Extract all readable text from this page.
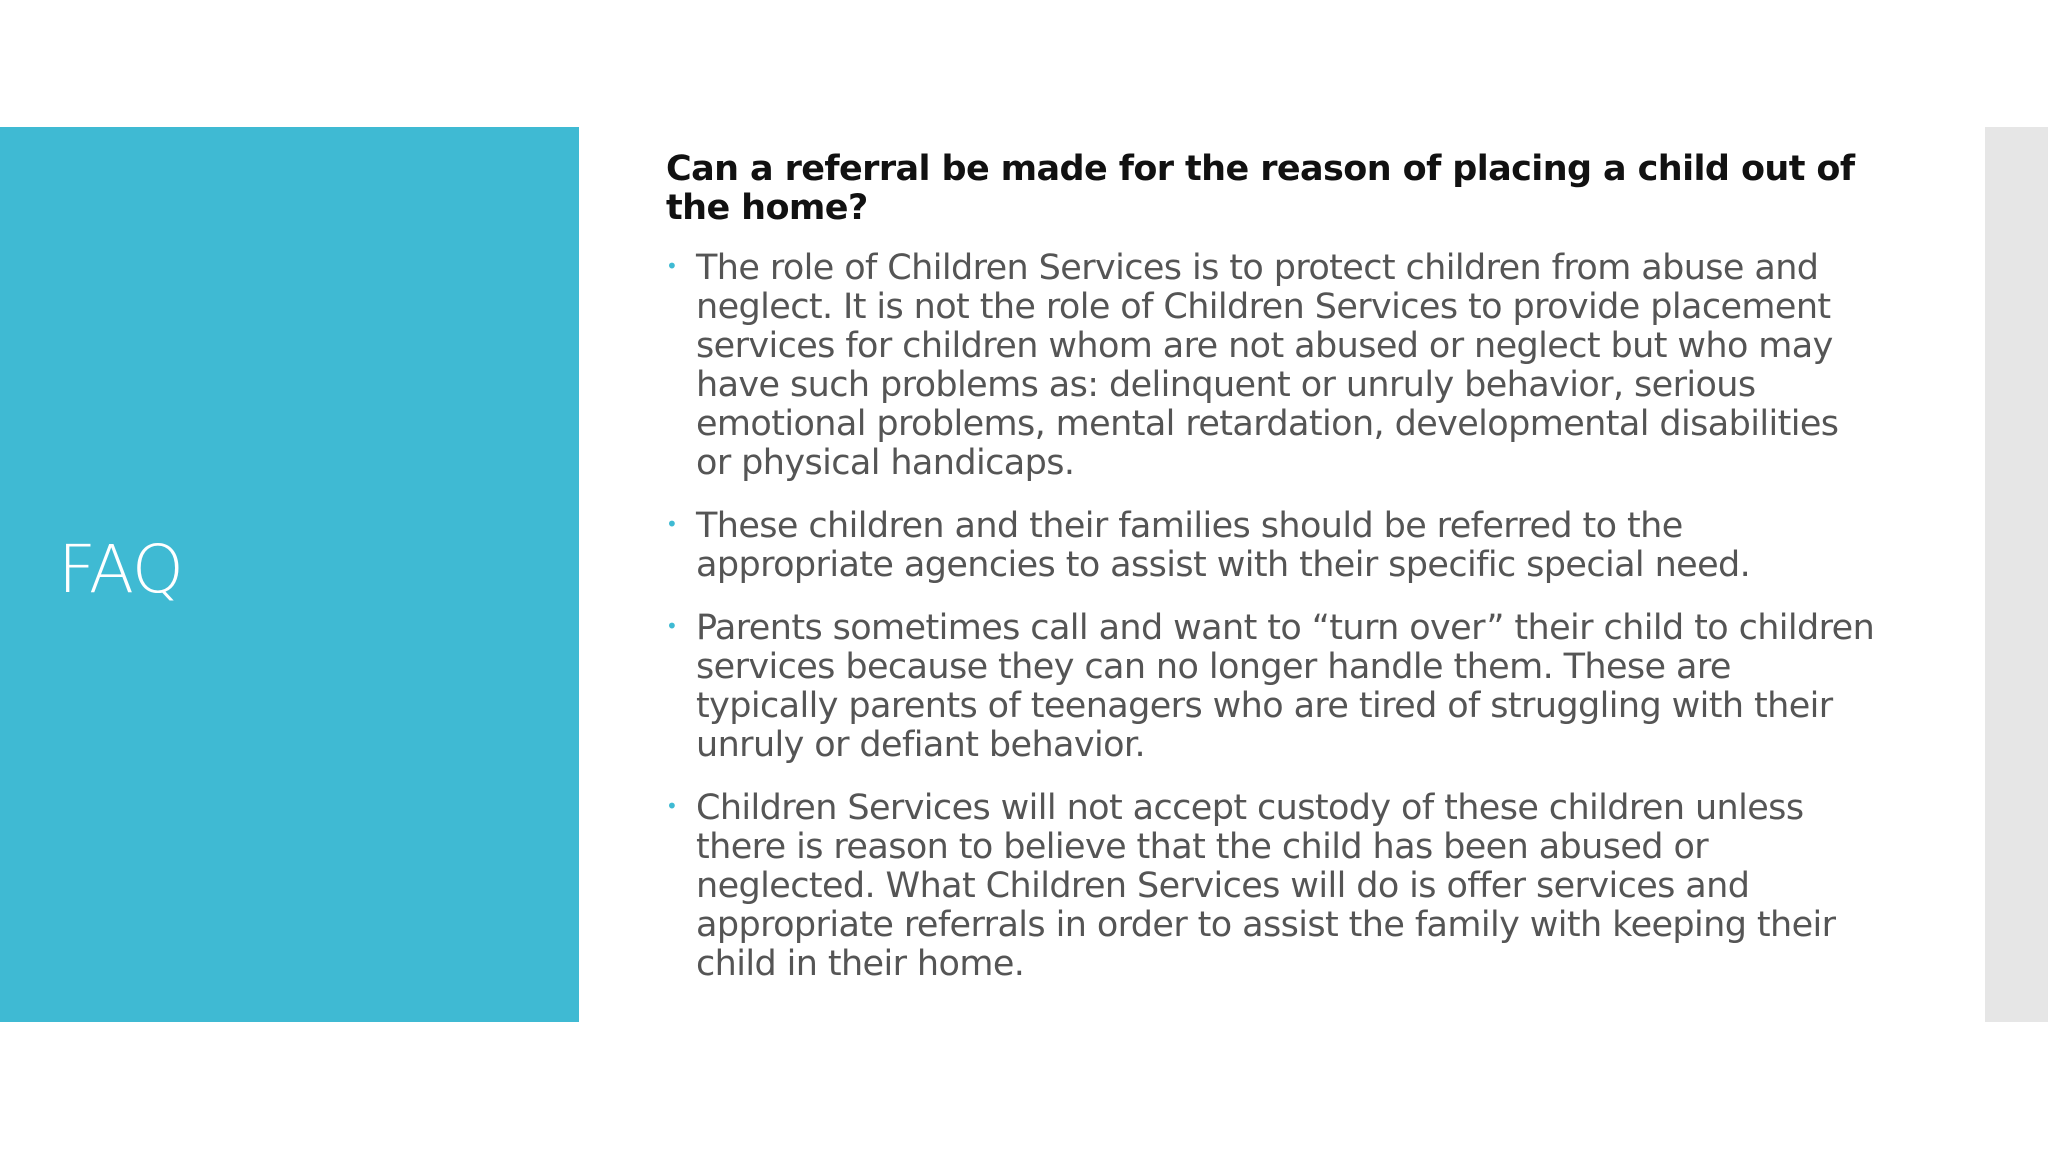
FAQ

Can a referral be made for the reason of placing a child out of the home?

• The role of Children Services is to protect children from abuse and neglect. It is not the role of Children Services to provide placement services for children whom are not abused or neglect but who may have such problems as: delinquent or unruly behavior, serious emotional problems, mental retardation, developmental disabilities or physical handicaps.
• These children and their families should be referred to the appropriate agencies to assist with their specific special need.
• Parents sometimes call and want to “turn over” their child to children services because they can no longer handle them. These are typically parents of teenagers who are tired of struggling with their unruly or defiant behavior.
• Children Services will not accept custody of these children unless there is reason to believe that the child has been abused or neglected. What Children Services will do is offer services and appropriate referrals in order to assist the family with keeping their child in their home.
